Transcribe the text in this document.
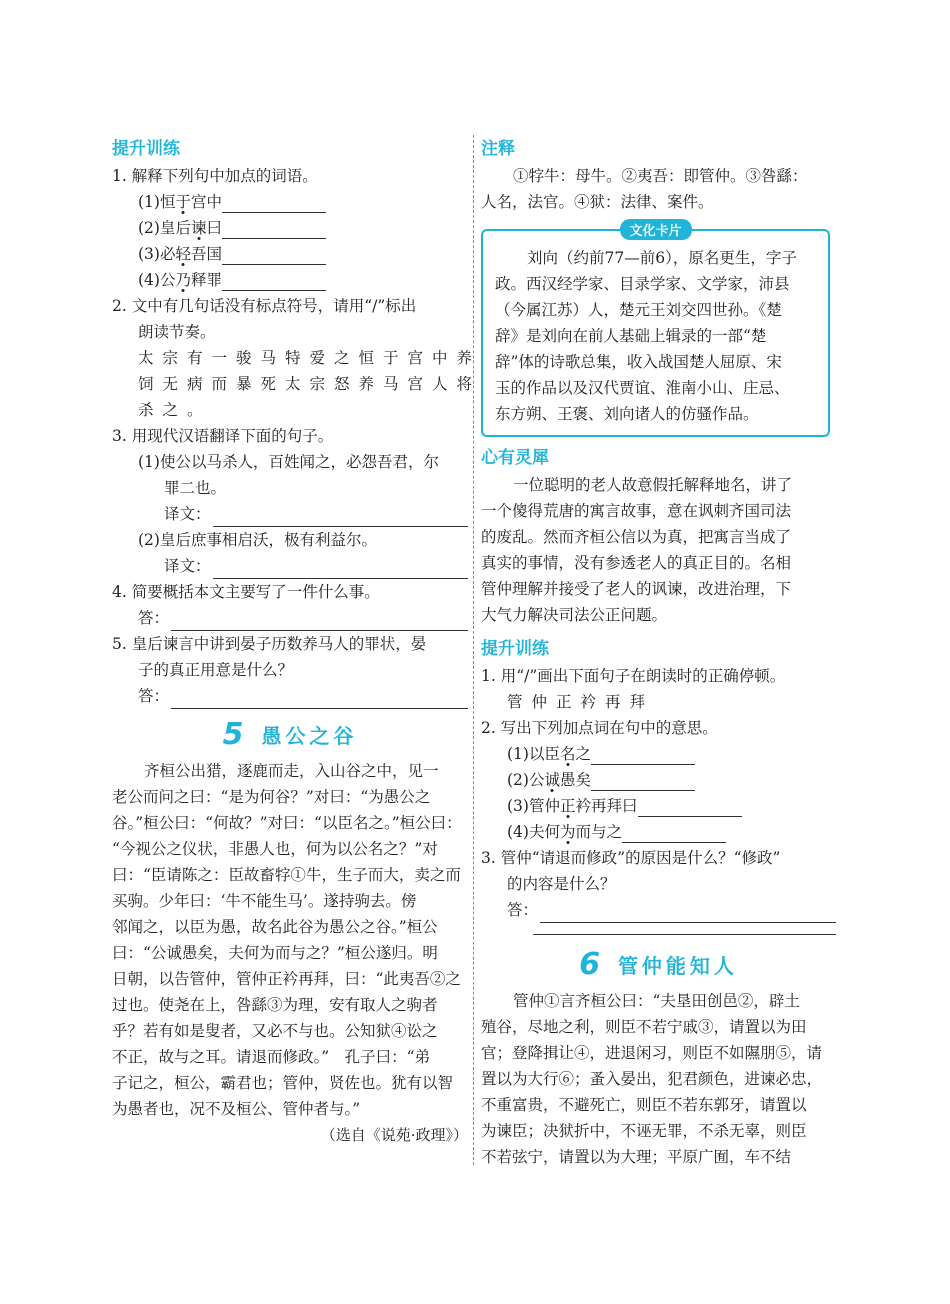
提升训练
1. 解释下列句中加点的词语。
(1)恒于宫中
(2)皇后谏曰
(3)必轻吾国
(4)公乃释罪
2. 文中有几句话没有标点符号，请用“/”标出
朗读节奏。
太宗有一骏马特爱之恒于宫中养
饲无病而暴死太宗怒养马宫人将
杀之。
3. 用现代汉语翻译下面的句子。
(1)使公以马杀人，百姓闻之，必怨吾君，尔
罪二也。
译文：
(2)皇后庶事相启沃，极有利益尔。
译文：
4. 简要概括本文主要写了一件什么事。
答：
5. 皇后谏言中讲到晏子历数养马人的罪状，晏
子的真正用意是什么？
答：
5 愚公之谷
齐桓公出猎，逐鹿而走，入山谷之中，见一
老公而问之曰：“是为何谷？”对曰：“为愚公之
谷。”桓公曰：“何故？”对曰：“以臣名之。”桓公曰：
“今视公之仪状，非愚人也，何为以公名之？”对
曰：“臣请陈之：臣故畜牸①牛，生子而大，卖之而
买驹。少年曰：‘牛不能生马’。遂持驹去。傍
邻闻之，以臣为愚，故名此谷为愚公之谷。”桓公
曰：“公诚愚矣，夫何为而与之？”桓公遂归。明
日朝，以告管仲，管仲正衿再拜，曰：“此夷吾②之
过也。使尧在上，咎繇③为理，安有取人之驹者
乎？若有如是叟者，又必不与也。公知狱④讼之
不正，故与之耳。请退而修政。”　孔子曰：“弟
子记之，桓公，霸君也；管仲，贤佐也。犹有以智
为愚者也，况不及桓公、管仲者与。”
（选自《说苑·政理》）
注释
①牸牛：母牛。②夷吾：即管仲。③咎繇：
人名，法官。④狱：法律、案件。
文化卡片
刘向（约前77—前6），原名更生，字子
政。西汉经学家、目录学家、文学家，沛县
（今属江苏）人，楚元王刘交四世孙。《楚
辞》是刘向在前人基础上辑录的一部“楚
辞”体的诗歌总集，收入战国楚人屈原、宋
玉的作品以及汉代贾谊、淮南小山、庄忌、
东方朔、王褒、刘向诸人的仿骚作品。
心有灵犀
一位聪明的老人故意假托解释地名，讲了
一个傻得荒唐的寓言故事，意在讽刺齐国司法
的废乱。然而齐桓公信以为真，把寓言当成了
真实的事情，没有参透老人的真正目的。名相
管仲理解并接受了老人的讽谏，改进治理，下
大气力解决司法公正问题。
提升训练
1. 用“/”画出下面句子在朗读时的正确停顿。
管仲正衿再拜
2. 写出下列加点词在句中的意思。
(1)以臣名之
(2)公诚愚矣
(3)管仲正衿再拜曰
(4)夫何为而与之
3. 管仲“请退而修政”的原因是什么？“修政”
的内容是什么？
答：
6 管仲能知人
管仲①言齐桓公曰：“夫垦田创邑②，辟土
殖谷，尽地之利，则臣不若宁戚③，请置以为田
官；登降揖让④，进退闲习，则臣不如隰朋⑤，请
置以为大行⑥；蚤入晏出，犯君颜色，进谏必忠，
不重富贵，不避死亡，则臣不若东郭牙，请置以
为谏臣；决狱折中，不诬无罪，不杀无辜，则臣
不若弦宁，请置以为大理；平原广囿，车不结
